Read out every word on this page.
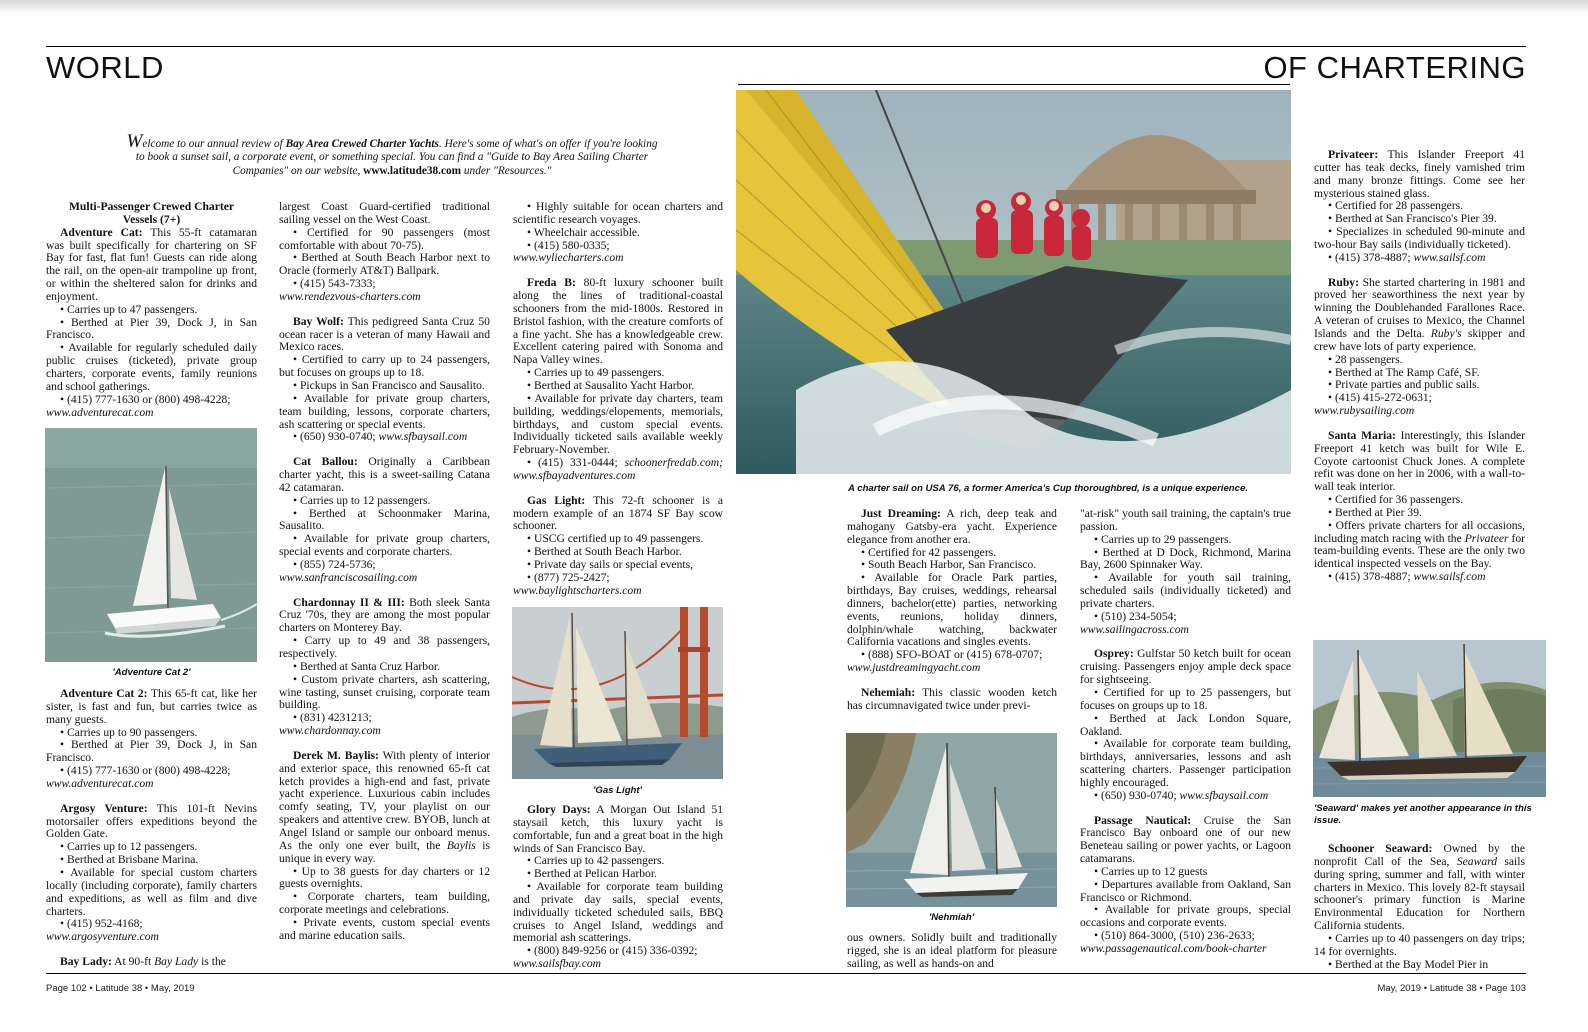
WORLD	OF CHARTERING
Welcome to our annual review of Bay Area Crewed Charter Yachts. Here's some of what's on offer if you're looking to book a sunset sail, a corporate event, or something special. You can find a "Guide to Bay Area Sailing Charter Companies" on our website, www.latitude38.com under "Resources."

Multi-Passenger Crewed Charter Vessels (7+)

Adventure Cat: This 55-ft catamaran was built specifically for chartering on SF Bay for fast, flat fun! Guests can ride along the rail, on the open-air trampoline up front, or within the sheltered salon for drinks and enjoyment.

• Carries up to 47 passengers.

• Berthed at Pier 39, Dock J, in San Francisco.

• Available for regularly scheduled daily public cruises (ticketed), private group charters, corporate events, family reunions and school gatherings.

• (415) 777-1630 or (800) 498-4228;

www.adventurecat.com

'Adventure Cat 2'

Adventure Cat 2: This 65-ft cat, like her sister, is fast and fun, but carries twice as many guests.

• Carries up to 90 passengers.

• Berthed at Pier 39, Dock J, in San Francisco.

• (415) 777-1630 or (800) 498-4228;

www.adventurecat.com

Argosy Venture: This 101-ft Nevins motorsailer offers expeditions beyond the Golden Gate.

• Carries up to 12 passengers.

• Berthed at Brisbane Marina.

• Available for special custom charters locally (including corporate), family charters and expeditions, as well as film and dive charters.

• (415) 952-4168;

www.argosyventure.com

Bay Lady: At 90-ft Bay Lady is the

largest Coast Guard-certified traditional sailing vessel on the West Coast.

• Certified for 90 passengers (most comfortable with about 70-75).

• Berthed at South Beach Harbor next to Oracle (formerly AT&T) Ballpark.

• (415) 543-7333;

www.rendezvous-charters.com

Bay Wolf: This pedigreed Santa Cruz 50 ocean racer is a veteran of many Hawaii and Mexico races.

• Certified to carry up to 24 passengers, but focuses on groups up to 18.

• Pickups in San Francisco and Sausalito.

• Available for private group charters, team building, lessons, corporate charters, ash scattering or special events.

• (650) 930-0740; www.sfbaysail.com

Cat Ballou: Originally a Caribbean charter yacht, this is a sweet-sailing Catana 42 catamaran.

• Carries up to 12 passengers.

• Berthed at Schoonmaker Marina, Sausalito.

• Available for private group charters, special events and corporate charters.

• (855) 724-5736;

www.sanfranciscosailing.com

Chardonnay II & III: Both sleek Santa Cruz '70s, they are among the most popular charters on Monterey Bay.

• Carry up to 49 and 38 passengers, respectively.

• Berthed at Santa Cruz Harbor.

• Custom private charters, ash scattering, wine tasting, sunset cruising, corporate team building.

• (831) 4231213;

www.chardonnay.com

Derek M. Baylis: With plenty of interior and exterior space, this renowned 65-ft cat ketch provides a high-end and fast, private yacht experience. Luxurious cabin includes comfy seating, TV, your playlist on our speakers and attentive crew. BYOB, lunch at Angel Island or sample our onboard menus. As the only one ever built, the Baylis is unique in every way.

• Up to 38 guests for day charters or 12 guests overnights.

• Corporate charters, team building, corporate meetings and celebrations.

• Private events, custom special events and marine education sails.

• Highly suitable for ocean charters and scientific research voyages.

• Wheelchair accessible.

• (415) 580-0335;

www.wyliecharters.com

Freda B: 80-ft luxury schooner built along the lines of traditional-coastal schooners from the mid-1800s. Restored in Bristol fashion, with the creature comforts of a fine yacht. She has a knowledgeable crew. Excellent catering paired with Sonoma and Napa Valley wines.

• Carries up to 49 passengers.

• Berthed at Sausalito Yacht Harbor.

• Available for private day charters, team building, weddings/elopements, memorials, birthdays, and custom special events. Individually ticketed sails available weekly February-November.

• (415) 331-0444; schoonerfredab.com; www.sfbayadventures.com

Gas Light: This 72-ft schooner is a modern example of an 1874 SF Bay scow schooner.

• USCG certified up to 49 passengers.

• Berthed at South Beach Harbor.

• Private day sails or special events,

• (877) 725-2427;

www.baylightscharters.com

'Gas Light'

Glory Days: A Morgan Out Island 51 staysail ketch, this luxury yacht is comfortable, fun and a great boat in the high winds of San Francisco Bay.

• Carries up to 42 passengers.

• Berthed at Pelican Harbor.

• Available for corporate team building and private day sails, special events, individually ticketed scheduled sails, BBQ cruises to Angel Island, weddings and memorial ash scatterings.

• (800) 849-9256 or (415) 336-0392;

www.sailsfbay.com

A charter sail on USA 76, a former America's Cup thoroughbred, is a unique experience.

Just Dreaming: A rich, deep teak and mahogany Gatsby-era yacht. Experience elegance from another era.

• Certified for 42 passengers.

• South Beach Harbor, San Francisco.

• Available for Oracle Park parties, birthdays, Bay cruises, weddings, rehearsal dinners, bachelor(ette) parties, networking events, reunions, holiday dinners, dolphin/whale watching, backwater California vacations and singles events.

• (888) SFO-BOAT or (415) 678-0707;

www.justdreamingyacht.com

Nehemiah: This classic wooden ketch has circumnavigated twice under previ-

'Nehmiah'

ous owners. Solidly built and traditionally rigged, she is an ideal platform for pleasure sailing, as well as hands-on and

"at-risk" youth sail training, the captain's true passion.

• Carries up to 29 passengers.

• Berthed at D Dock, Richmond, Marina Bay, 2600 Spinnaker Way.

• Available for youth sail training, scheduled sails (individually ticketed) and private charters.

• (510) 234-5054;

www.sailingacross.com

Osprey: Gulfstar 50 ketch built for ocean cruising. Passengers enjoy ample deck space for sightseeing.

• Certified for up to 25 passengers, but focuses on groups up to 18.

• Berthed at Jack London Square, Oakland.

• Available for corporate team building, birthdays, anniversaries, lessons and ash scattering charters. Passenger participation highly encouraged.

• (650) 930-0740; www.sfbaysail.com

Passage Nautical: Cruise the San Francisco Bay onboard one of our new Beneteau sailing or power yachts, or Lagoon catamarans.

• Carries up to 12 guests

• Departures available from Oakland, San Francisco or Richmond.

• Available for private groups, special occasions and corporate events.

• (510) 864-3000, (510) 236-2633;

www.passagenautical.com/book-charter

Privateer: This Islander Freeport 41 cutter has teak decks, finely varnished trim and many bronze fittings. Come see her mysterious stained glass.

• Certified for 28 passengers.

• Berthed at San Francisco's Pier 39.

• Specializes in scheduled 90-minute and two-hour Bay sails (individually ticketed).

• (415) 378-4887; www.sailsf.com

Ruby: She started chartering in 1981 and proved her seaworthiness the next year by winning the Doublehanded Farallones Race. A veteran of cruises to Mexico, the Channel Islands and the Delta. Ruby's skipper and crew have lots of party experience.

• 28 passengers.

• Berthed at The Ramp Café, SF.

• Private parties and public sails.

• (415) 415-272-0631;

www.rubysailing.com

Santa Maria: Interestingly, this Islander Freeport 41 ketch was built for Wile E. Coyote cartoonist Chuck Jones. A complete refit was done on her in 2006, with a wall-to-wall teak interior.

• Certified for 36 passengers.

• Berthed at Pier 39.

• Offers private charters for all occasions, including match racing with the Privateer for team-building events. These are the only two identical inspected vessels on the Bay.

• (415) 378-4887; www.sailsf.com

'Seaward' makes yet another appearance in this issue.

Schooner Seaward: Owned by the nonprofit Call of the Sea, Seaward sails during spring, summer and fall, with winter charters in Mexico. This lovely 82-ft staysail schooner's primary function is Marine Environmental Education for Northern California students.

• Carries up to 40 passengers on day trips; 14 for overnights.

• Berthed at the Bay Model Pier in

Page 102 • Latitude 38 • May, 2019	May, 2019 • Latitude 38 • Page 103
